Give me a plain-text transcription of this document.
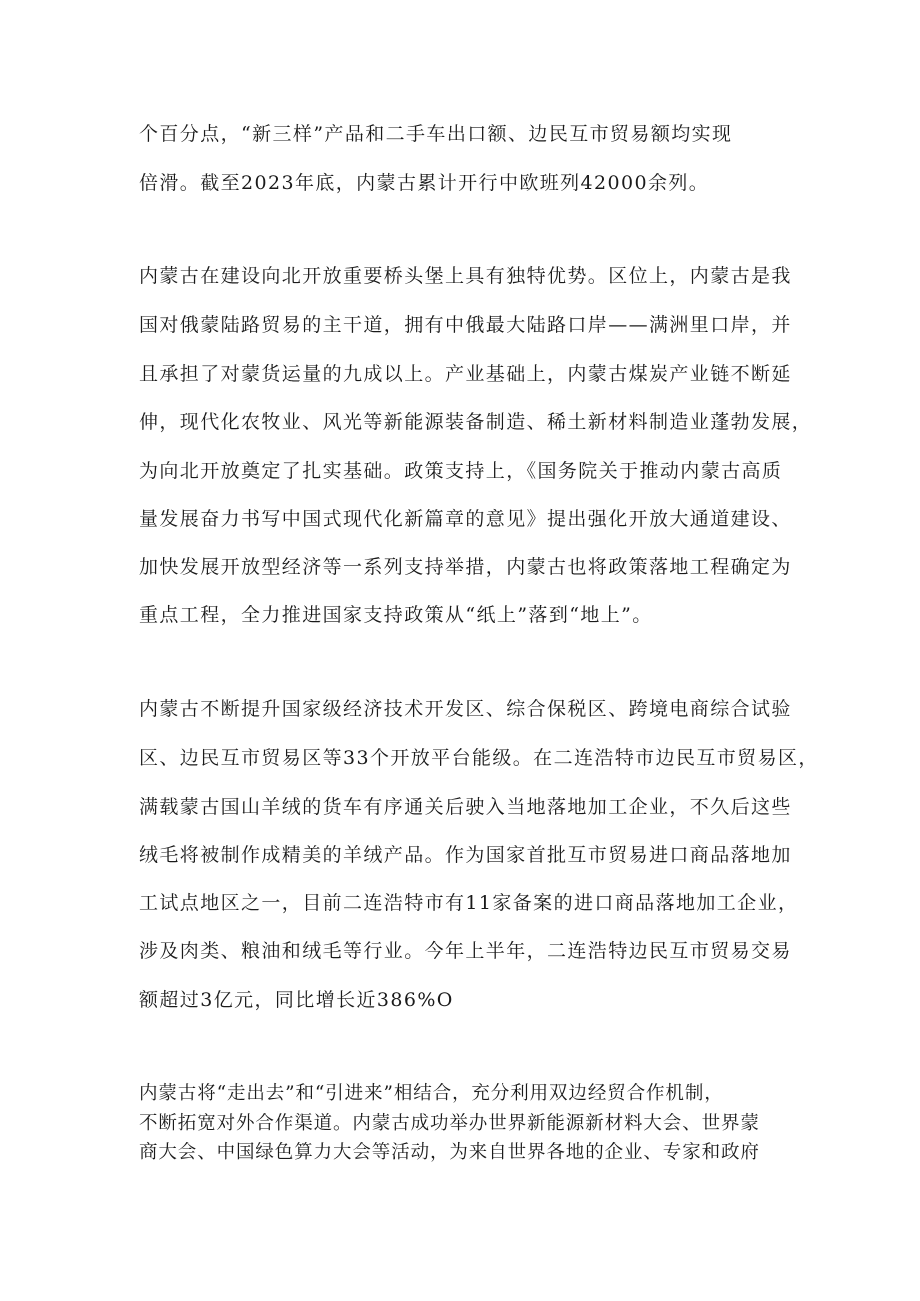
个百分点，“新三样”产品和二手车出口额、边民互市贸易额均实现
倍滑。截至2023年底，内蒙古累计开行中欧班列42000余列。
内蒙古在建设向北开放重要桥头堡上具有独特优势。区位上，内蒙古是我
国对俄蒙陆路贸易的主干道，拥有中俄最大陆路口岸——满洲里口岸，并
且承担了对蒙货运量的九成以上。产业基础上，内蒙古煤炭产业链不断延
伸，现代化农牧业、风光等新能源装备制造、稀土新材料制造业蓬勃发展，
为向北开放奠定了扎实基础。政策支持上，《国务院关于推动内蒙古高质
量发展奋力书写中国式现代化新篇章的意见》提出强化开放大通道建设、
加快发展开放型经济等一系列支持举措，内蒙古也将政策落地工程确定为
重点工程，全力推进国家支持政策从“纸上”落到“地上”。
内蒙古不断提升国家级经济技术开发区、综合保税区、跨境电商综合试验
区、边民互市贸易区等33个开放平台能级。在二连浩特市边民互市贸易区，
满载蒙古国山羊绒的货车有序通关后驶入当地落地加工企业，不久后这些
绒毛将被制作成精美的羊绒产品。作为国家首批互市贸易进口商品落地加
工试点地区之一，目前二连浩特市有11家备案的进口商品落地加工企业，
涉及肉类、粮油和绒毛等行业。今年上半年，二连浩特边民互市贸易交易
额超过3亿元，同比增长近386%O
内蒙古将“走出去”和“引进来”相结合，充分利用双边经贸合作机制，
不断拓宽对外合作渠道。内蒙古成功举办世界新能源新材料大会、世界蒙
商大会、中国绿色算力大会等活动，为来自世界各地的企业、专家和政府
